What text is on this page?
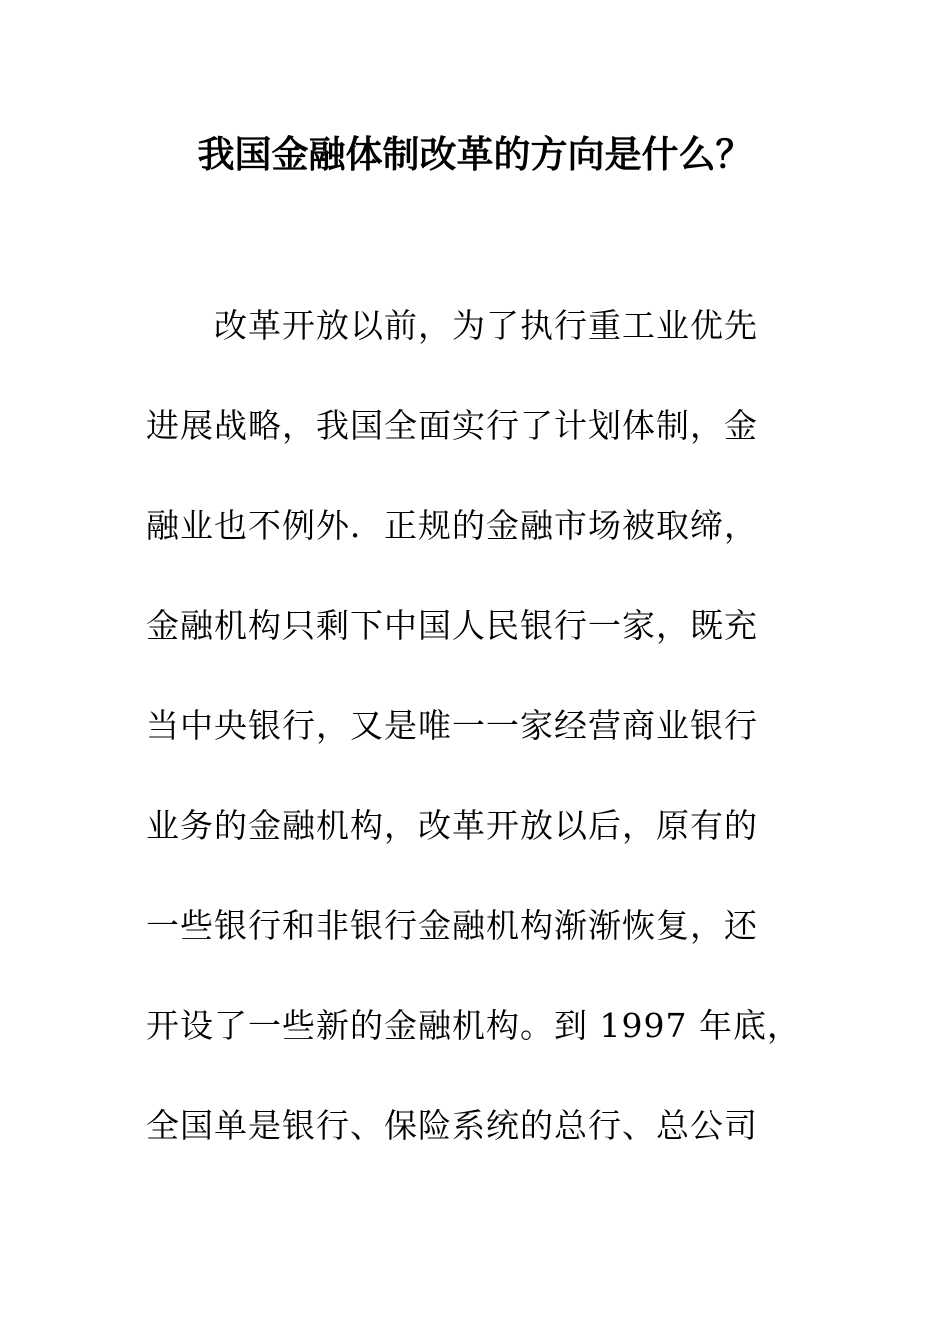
我国金融体制改革的方向是什么？
改革开放以前，为了执行重工业优先
进展战略，我国全面实行了计划体制，金
融业也不例外．正规的金融市场被取缔，
金融机构只剩下中国人民银行一家，既充
当中央银行，又是唯一一家经营商业银行
业务的金融机构，改革开放以后，原有的
一些银行和非银行金融机构渐渐恢复，还
开设了一些新的金融机构。到 1997 年底，
全国单是银行、保险系统的总行、总公司
